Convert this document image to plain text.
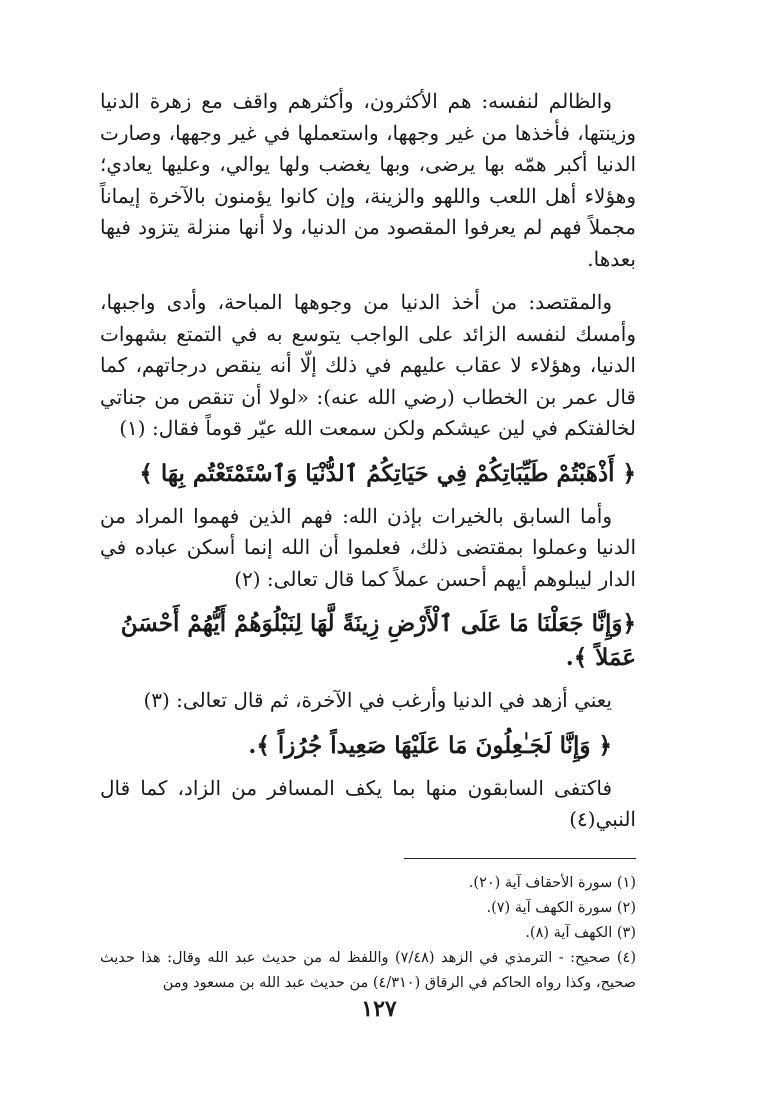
والظالم لنفسه: هم الأكثرون، وأكثرهم واقف مع زهرة الدنيا وزينتها، فأخذها من غير وجهها، واستعملها في غير وجهها، وصارت الدنيا أكبر همّه بها يرضى، وبها يغضب ولها يوالي، وعليها يعادي؛ وهؤلاء أهل اللعب واللهو والزينة، وإن كانوا يؤمنون بالآخرة إيماناً مجملاً فهم لم يعرفوا المقصود من الدنيا، ولا أنها منزلة يتزود فيها بعدها.

والمقتصد: من أخذ الدنيا من وجوهها المباحة، وأدى واجبها، وأمسك لنفسه الزائد على الواجب يتوسع به في التمتع بشهوات الدنيا، وهؤلاء لا عقاب عليهم في ذلك إلّا أنه ينقص درجاتهم، كما قال عمر بن الخطاب (رضي الله عنه): «لولا أن تنقص من جناتي لخالفتكم في لين عيشكم ولكن سمعت الله عيّر قوماً فقال: (١)

﴿ أَذْهَبْتُمْ طَيِّبَاتِكُمْ فِي حَيَاتِكُمُ ٱلدُّنْيَا وَٱسْتَمْتَعْتُم بِهَا ﴾

وأما السابق بالخيرات بإذن الله: فهم الذين فهموا المراد من الدنيا وعملوا بمقتضى ذلك، فعلموا أن الله إنما أسكن عباده في الدار ليبلوهم أيهم أحسن عملاً كما قال تعالى: (٢)

﴿وَإِنَّا جَعَلْنَا مَا عَلَى ٱلْأَرْضِ زِينَةً لَّهَا لِنَبْلُوَهُمْ أَيُّهُمْ أَحْسَنُ عَمَلاً ﴾.

يعني أزهد في الدنيا وأرغب في الآخرة، ثم قال تعالى: (٣)

﴿ وَإِنَّا لَجَـٰعِلُونَ مَا عَلَيْهَا صَعِيداً جُرُزاً ﴾.

فاكتفى السابقون منها بما يكف المسافر من الزاد، كما قال النبي(٤)

(١) سورة الأحقاف آية (٢٠).

(٢) سورة الكهف آية (٧).

(٣) الكهف آية (٨).

(٤) صحيح: - الترمذي في الزهد (٧/٤٨) واللفظ له من حديث عبد الله وقال: هذا حديث صحيح، وكذا رواه الحاكم في الرقاق (٤/٣١٠) من حديث عبد الله بن مسعود ومن

١٢٧
